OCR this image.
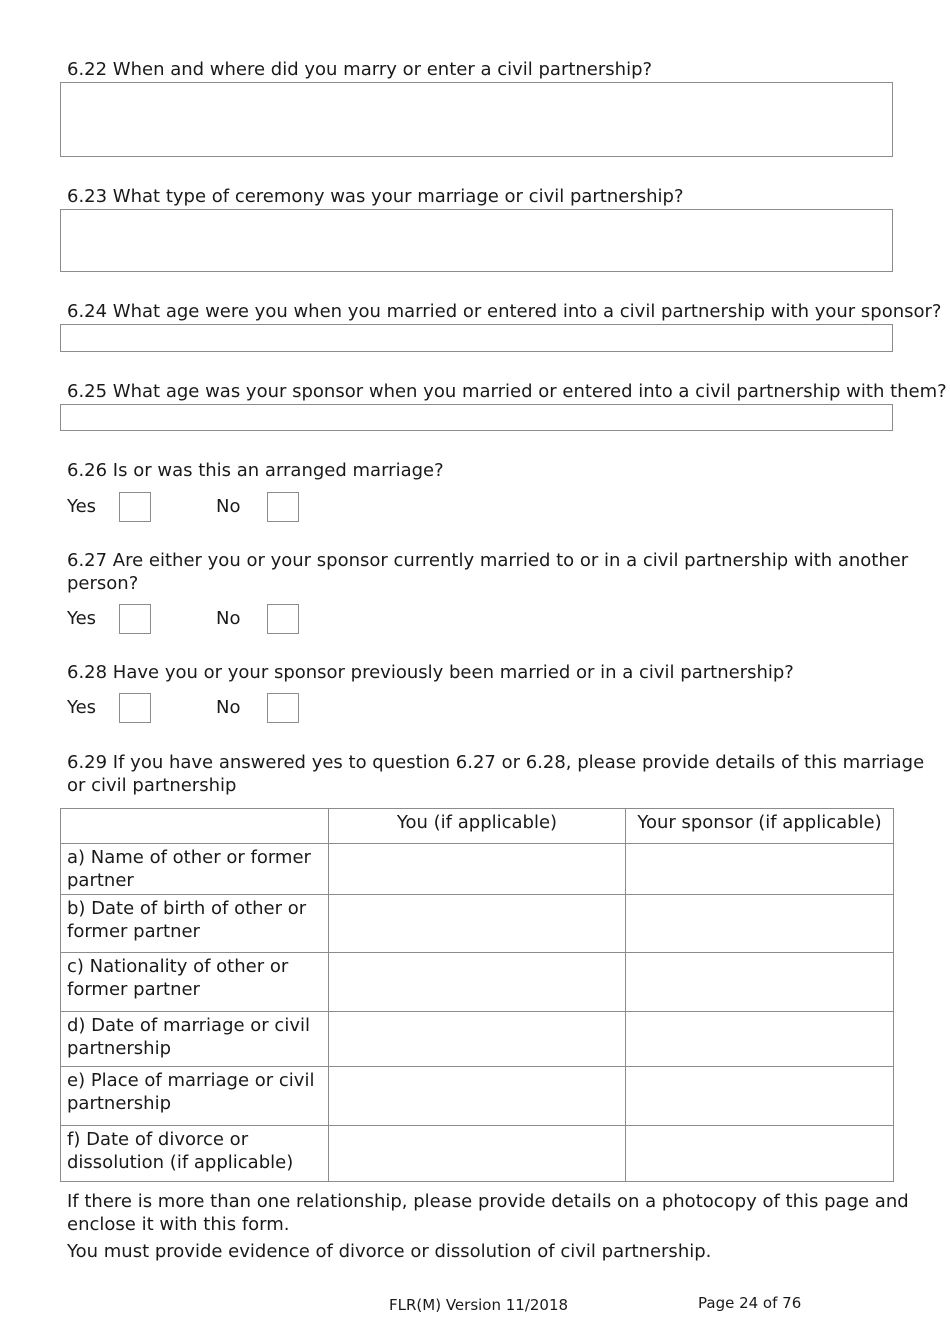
6.22 When and where did you marry or enter a civil partnership?
6.23 What type of ceremony was your marriage or civil partnership?
6.24 What age were you when you married or entered into a civil partnership with your sponsor?
6.25 What age was your sponsor when you married or entered into a civil partnership with them?
6.26 Is or was this an arranged marriage?
Yes	No
6.27 Are either you or your sponsor currently married to or in a civil partnership with another
person?
Yes	No
6.28 Have you or your sponsor previously been married or in a civil partnership?
Yes	No
6.29 If you have answered yes to question 6.27 or 6.28, please provide details of this marriage
or civil partnership
	You (if applicable)	Your sponsor (if applicable)

a) Name of other or former
partner		

b) Date of birth of other or
former partner		

c) Nationality of other or
former partner		

d) Date of marriage or civil
partnership		

e) Place of marriage or civil
partnership		

f) Date of divorce or
dissolution (if applicable)		

If there is more than one relationship, please provide details on a photocopy of this page and
enclose it with this form.
You must provide evidence of divorce or dissolution of civil partnership.
FLR(M) Version 11/2018	Page 24 of 76
